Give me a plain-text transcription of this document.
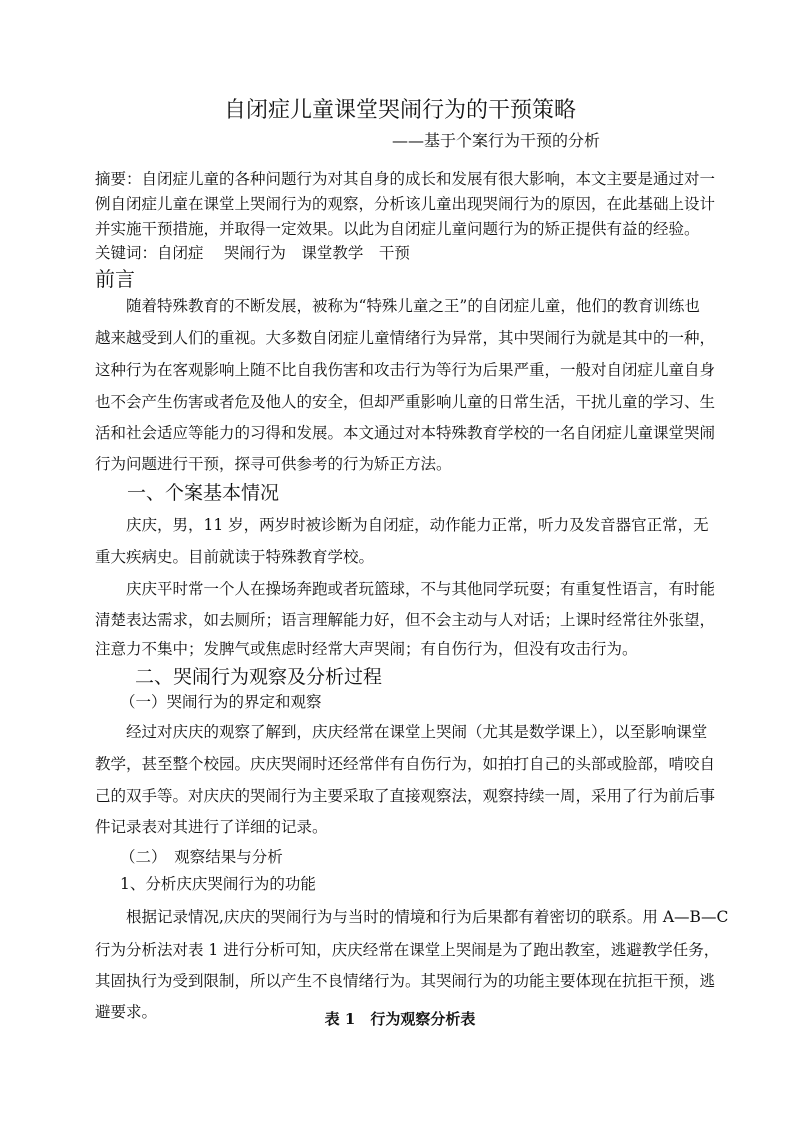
自闭症儿童课堂哭闹行为的干预策略
——基于个案行为干预的分析
摘要：自闭症儿童的各种问题行为对其自身的成长和发展有很大影响，本文主要是通过对一
例自闭症儿童在课堂上哭闹行为的观察，分析该儿童出现哭闹行为的原因，在此基础上设计
并实施干预措施，并取得一定效果。以此为自闭症儿童问题行为的矫正提供有益的经验。
关键词：自闭症　 哭闹行为　课堂教学　干预
前言
　　随着特殊教育的不断发展，被称为“特殊儿童之王”的自闭症儿童，他们的教育训练也
越来越受到人们的重视。大多数自闭症儿童情绪行为异常，其中哭闹行为就是其中的一种，
这种行为在客观影响上随不比自我伤害和攻击行为等行为后果严重，一般对自闭症儿童自身
也不会产生伤害或者危及他人的安全，但却严重影响儿童的日常生活，干扰儿童的学习、生
活和社会适应等能力的习得和发展。本文通过对本特殊教育学校的一名自闭症儿童课堂哭闹
行为问题进行干预，探寻可供参考的行为矫正方法。
一、个案基本情况
　　庆庆，男，11 岁，两岁时被诊断为自闭症，动作能力正常，听力及发音器官正常，无
重大疾病史。目前就读于特殊教育学校。
　　庆庆平时常一个人在操场奔跑或者玩篮球，不与其他同学玩耍；有重复性语言，有时能
清楚表达需求，如去厕所；语言理解能力好，但不会主动与人对话；上课时经常往外张望，
注意力不集中；发脾气或焦虑时经常大声哭闹；有自伤行为，但没有攻击行为。
二、哭闹行为观察及分析过程
（一）哭闹行为的界定和观察
　　经过对庆庆的观察了解到，庆庆经常在课堂上哭闹（尤其是数学课上），以至影响课堂
教学，甚至整个校园。庆庆哭闹时还经常伴有自伤行为，如拍打自己的头部或脸部，啃咬自
己的双手等。对庆庆的哭闹行为主要采取了直接观察法，观察持续一周，采用了行为前后事
件记录表对其进行了详细的记录。
（二）　观察结果与分析
1、分析庆庆哭闹行为的功能
　　根据记录情况,庆庆的哭闹行为与当时的情境和行为后果都有着密切的联系。用 A—B—C
行为分析法对表 1 进行分析可知，庆庆经常在课堂上哭闹是为了跑出教室，逃避教学任务，
其固执行为受到限制，所以产生不良情绪行为。其哭闹行为的功能主要体现在抗拒干预，逃
避要求。	表 1　行为观察分析表
